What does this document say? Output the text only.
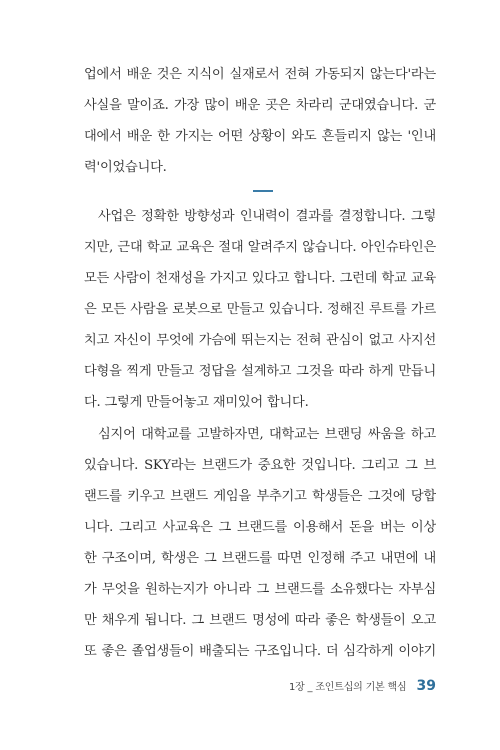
업에서 배운 것은 지식이 실재로서 전혀 가동되지 않는다'라는
사실을 말이죠. 가장 많이 배운 곳은 차라리 군대였습니다. 군
대에서 배운 한 가지는 어떤 상황이 와도 흔들리지 않는 '인내
력'이었습니다.
사업은 정확한 방향성과 인내력이 결과를 결정합니다. 그렇
지만, 근대 학교 교육은 절대 알려주지 않습니다. 아인슈타인은
모든 사람이 천재성을 가지고 있다고 합니다. 그런데 학교 교육
은 모든 사람을 로봇으로 만들고 있습니다. 정해진 루트를 가르
치고 자신이 무엇에 가슴에 뛰는지는 전혀 관심이 없고 사지선
다형을 찍게 만들고 정답을 설계하고 그것을 따라 하게 만듭니
다. 그렇게 만들어놓고 재미있어 합니다.
심지어 대학교를 고발하자면, 대학교는 브랜딩 싸움을 하고
있습니다. SKY라는 브랜드가 중요한 것입니다. 그리고 그 브
랜드를 키우고 브랜드 게임을 부추기고 학생들은 그것에 당합
니다. 그리고 사교육은 그 브랜드를 이용해서 돈을 버는 이상
한 구조이며, 학생은 그 브랜드를 따면 인정해 주고 내면에 내
가 무엇을 원하는지가 아니라 그 브랜드를 소유했다는 자부심
만 채우게 됩니다. 그 브랜드 명성에 따라 좋은 학생들이 오고
또 좋은 졸업생들이 배출되는 구조입니다. 더 심각하게 이야기
1장 _ 조인트십의 기본 핵심 39
